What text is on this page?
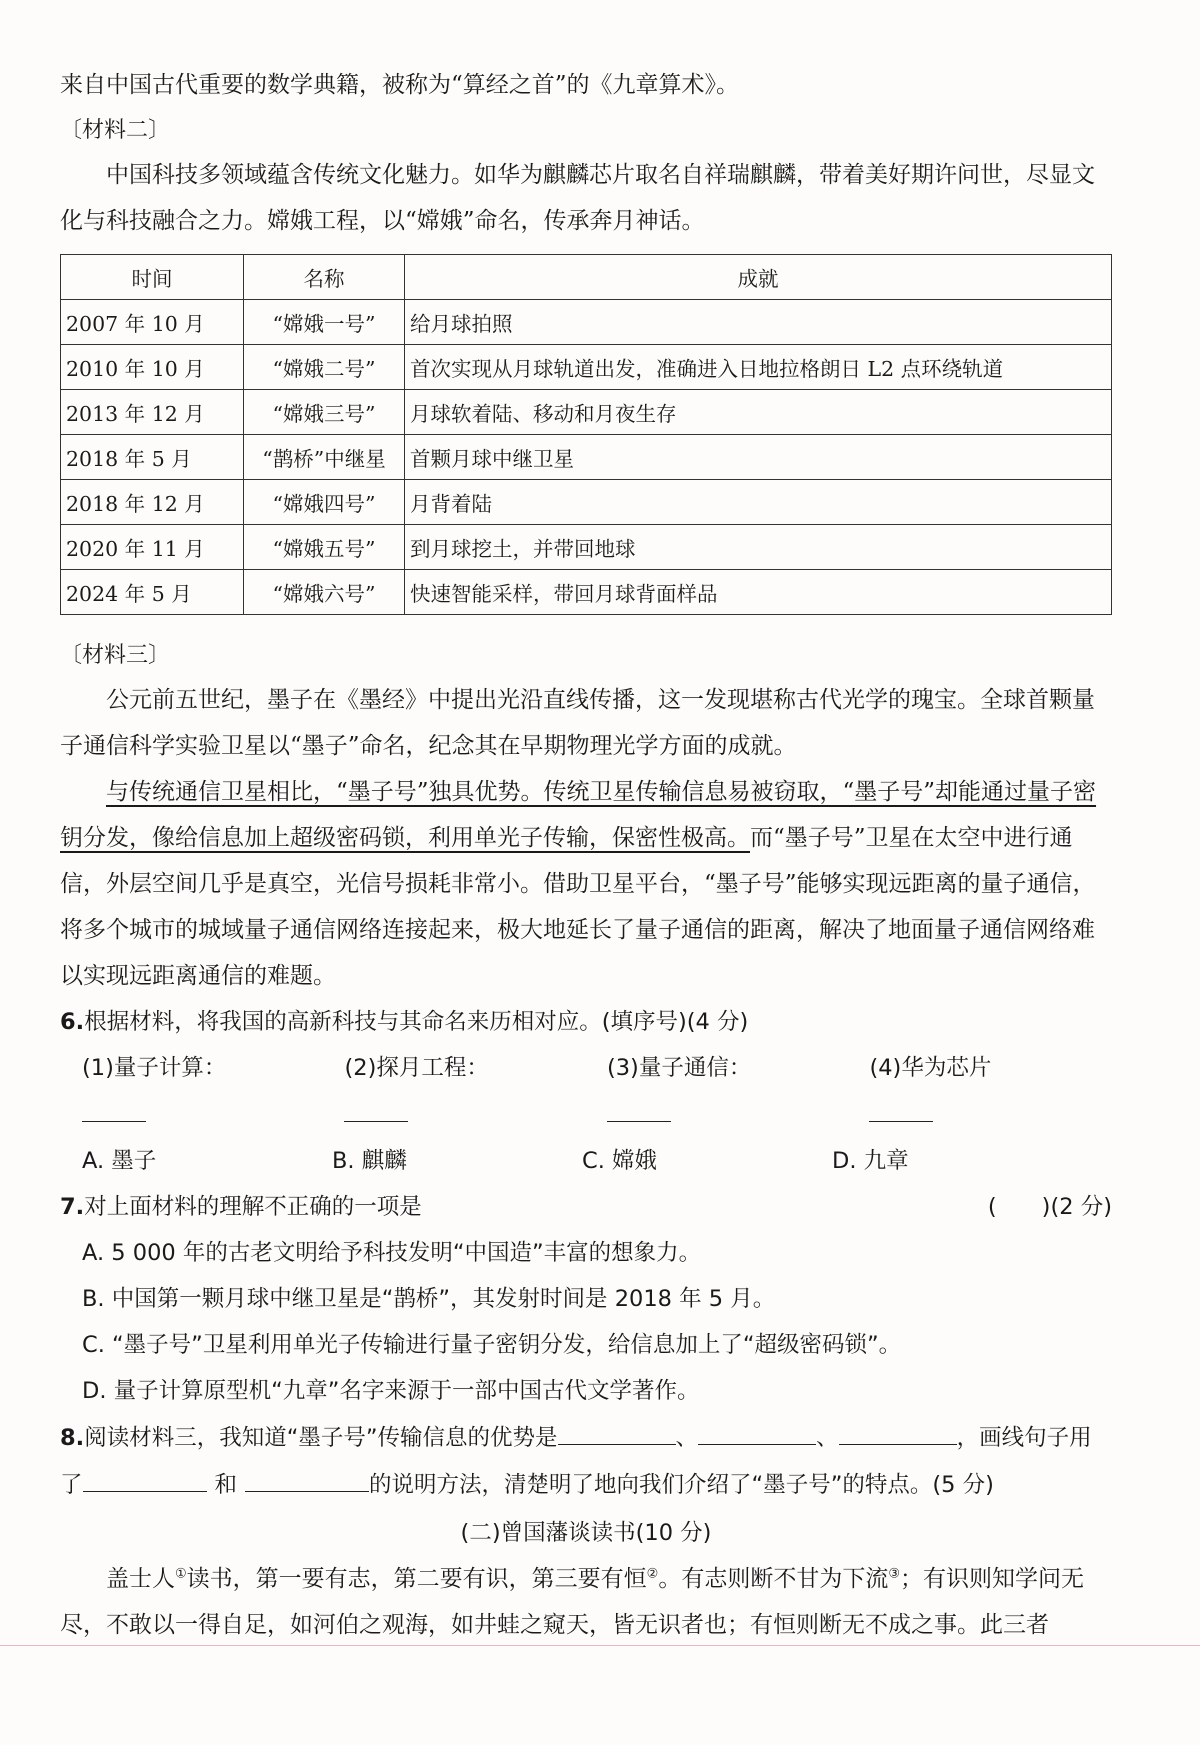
来自中国古代重要的数学典籍，被称为“算经之首”的《九章算术》。

〔材料二〕

中国科技多领域蕴含传统文化魅力。如华为麒麟芯片取名自祥瑞麒麟，带着美好期许问世，尽显文化与科技融合之力。嫦娥工程，以“嫦娥”命名，传承奔月神话。

时间	名称	成就
2007 年 10 月	“嫦娥一号”	给月球拍照
2010 年 10 月	“嫦娥二号”	首次实现从月球轨道出发，准确进入日地拉格朗日 L2 点环绕轨道
2013 年 12 月	“嫦娥三号”	月球软着陆、移动和月夜生存
2018 年 5 月	“鹊桥”中继星	首颗月球中继卫星
2018 年 12 月	“嫦娥四号”	月背着陆
2020 年 11 月	“嫦娥五号”	到月球挖土，并带回地球
2024 年 5 月	“嫦娥六号”	快速智能采样，带回月球背面样品

〔材料三〕

公元前五世纪，墨子在《墨经》中提出光沿直线传播，这一发现堪称古代光学的瑰宝。全球首颗量子通信科学实验卫星以“墨子”命名，纪念其在早期物理光学方面的成就。

与传统通信卫星相比，“墨子号”独具优势。传统卫星传输信息易被窃取，“墨子号”却能通过量子密钥分发，像给信息加上超级密码锁，利用单光子传输，保密性极高。而“墨子号”卫星在太空中进行通信，外层空间几乎是真空，光信号损耗非常小。借助卫星平台，“墨子号”能够实现远距离的量子通信，将多个城市的城域量子通信网络连接起来，极大地延长了量子通信的距离，解决了地面量子通信网络难以实现远距离通信的难题。

6.根据材料，将我国的高新科技与其命名来历相对应。(填序号)(4 分)

(1)量子计算：	(2)探月工程：	(3)量子通信：	(4)华为芯片
A. 墨子	B. 麒麟	C. 嫦娥	D. 九章

7.对上面材料的理解不正确的一项是	(　　)(2 分)

A. 5 000 年的古老文明给予科技发明“中国造”丰富的想象力。

B. 中国第一颗月球中继卫星是“鹊桥”，其发射时间是 2018 年 5 月。

C. “墨子号”卫星利用单光子传输进行量子密钥分发，给信息加上了“超级密码锁”。

D. 量子计算原型机“九章”名字来源于一部中国古代文学著作。

8.阅读材料三，我知道“墨子号”传输信息的优势是	、	、	，画线句子用了	和	的说明方法，清楚明了地向我们介绍了“墨子号”的特点。(5 分)

(二)曾国藩谈读书(10 分)

盖士人①读书，第一要有志，第二要有识，第三要有恒②。有志则断不甘为下流③；有识则知学问无尽，不敢以一得自足，如河伯之观海，如井蛙之窥天，皆无识者也；有恒则断无不成之事。此三者
